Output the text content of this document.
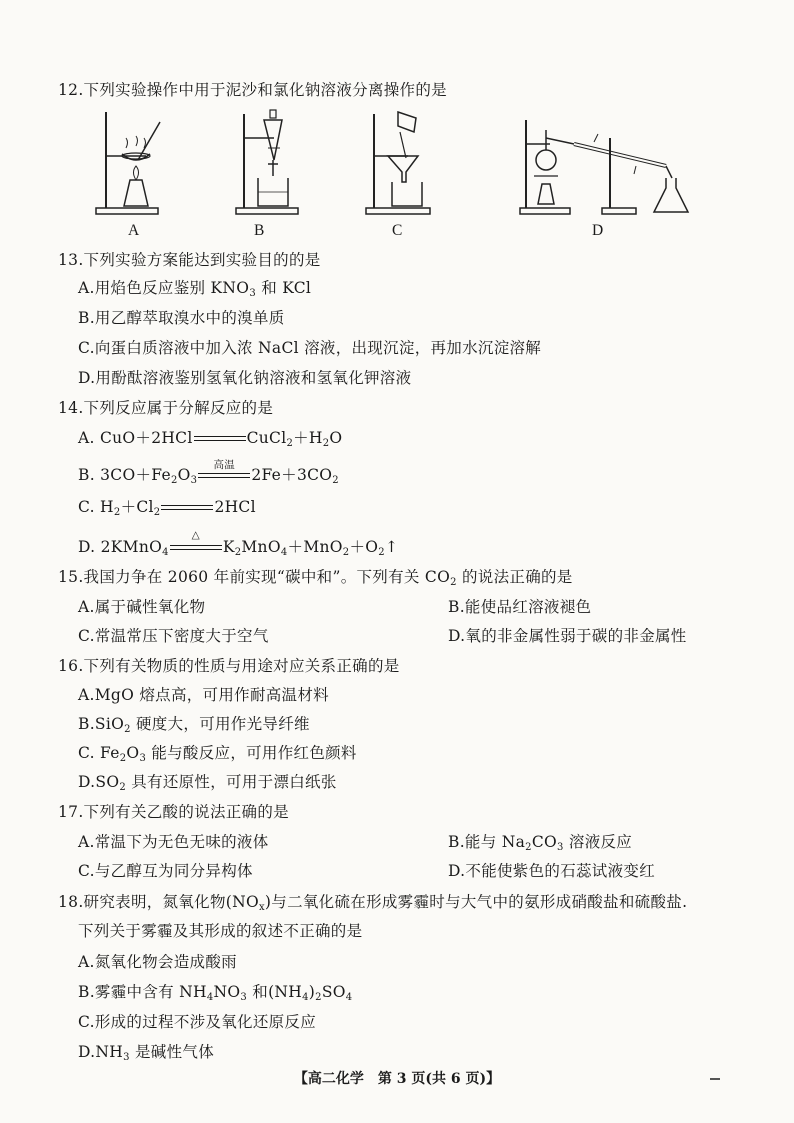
12.下列实验操作中用于泥沙和氯化钠溶液分离操作的是
A	B	C	D
13.下列实验方案能达到实验目的的是
A.用焰色反应鉴别 $KNO_3$ 和 KCl
B.用乙醇萃取溴水中的溴单质
C.向蛋白质溶液中加入浓 NaCl 溶液，出现沉淀，再加水沉淀溶解
D.用酚酞溶液鉴别氢氧化钠溶液和氢氧化钾溶液
14.下列反应属于分解反应的是
A. CuO＋2HCl	$CuCl_2+H_2O$
B. $3CO+Fe_2O_3$
高温
$2Fe+3CO_2$
C. $H_2+Cl_2$	2HCl
D. 2KMnO$_4$
△
$K_2MnO_4+MnO_2+O_2↑$
15.我国力争在 2060 年前实现“碳中和”。下列有关 $CO_2$ 的说法正确的是
A.属于碱性氧化物	B.能使品红溶液褪色
C.常温常压下密度大于空气	D.氧的非金属性弱于碳的非金属性
16.下列有关物质的性质与用途对应关系正确的是
A.MgO 熔点高，可用作耐高温材料
B.SiO$_2$ 硬度大，可用作光导纤维
C. $Fe_2O_3$ 能与酸反应，可用作红色颜料
$D.SO_2$ 具有还原性，可用于漂白纸张
17.下列有关乙酸的说法正确的是
A.常温下为无色无味的液体	B.能与 $Na_2CO_3$ 溶液反应
C.与乙醇互为同分异构体	D.不能使紫色的石蕊试液变红
18.研究表明，氮氧化物$(NO_x)$与二氧化硫在形成雾霾时与大气中的氨形成硝酸盐和硫酸盐.
下列关于雾霾及其形成的叙述不正确的是
A.氮氧化物会造成酸雨
B.雾霾中含有 $NH_4NO_3$ 和$(NH_4)_2SO_4$
C.形成的过程不涉及氧化还原反应
$D.NH_3$ 是碱性气体
【高二化学　第 3 页(共 6 页)】
